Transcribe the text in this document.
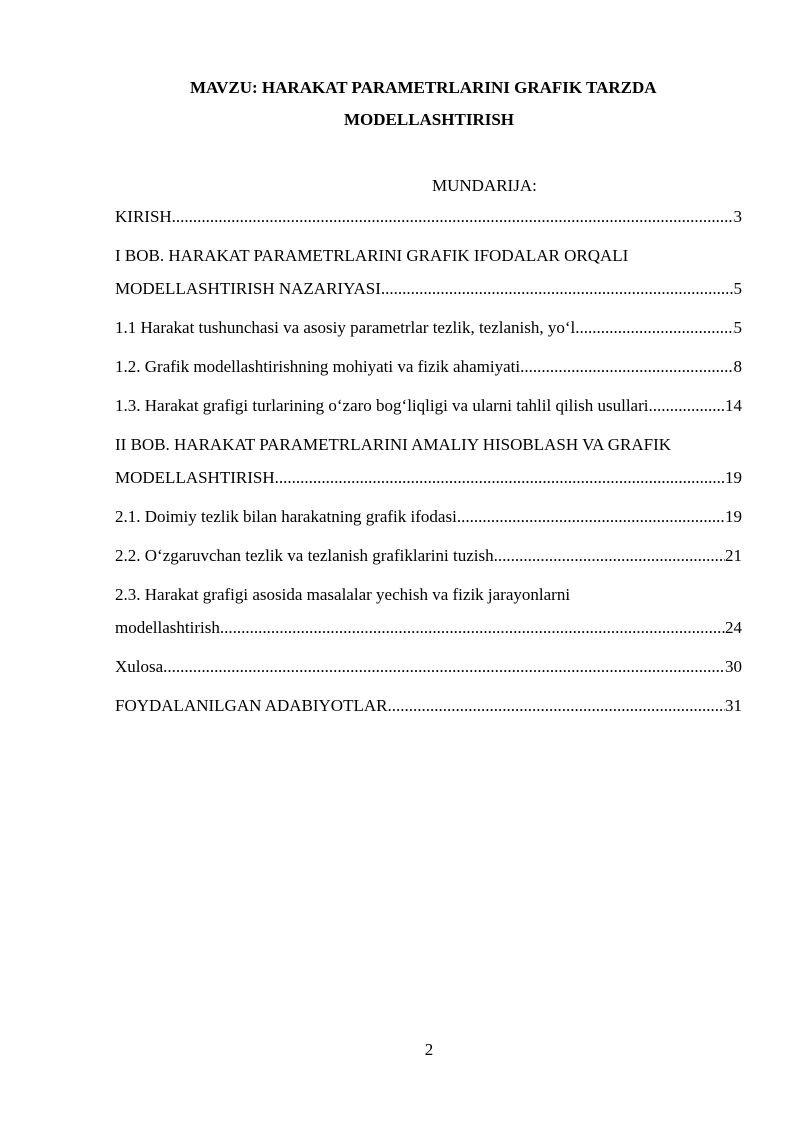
MAVZU: HARAKAT PARAMETRLARINI GRAFIK TARZDA
MODELLASHTIRISH
MUNDARIJA:
KIRISH .....	3
I BOB. HARAKAT PARAMETRLARINI GRAFIK IFODALAR ORQALI
MODELLASHTIRISH NAZARIYASI .....	5
1.1 Harakat tushunchasi va asosiy parametrlar tezlik, tezlanish, yo‘l .....	5
1.2. Grafik modellashtirishning mohiyati va fizik ahamiyati .....	8
1.3. Harakat grafigi turlarining o‘zaro bog‘liqligi va ularni tahlil qilish usullari.. .....	14
II BOB. HARAKAT PARAMETRLARINI AMALIY HISOBLASH VA GRAFIK
MODELLASHTIRISH .....	19
2.1. Doimiy tezlik bilan harakatning grafik ifodasi .....	19
2.2. O‘zgaruvchan tezlik va tezlanish grafiklarini tuzish .....	21
2.3. Harakat grafigi asosida masalalar yechish va fizik jarayonlarni
modellashtirish .....	24
Xulosa .....	30
FOYDALANILGAN ADABIYOTLAR .....	31
2
